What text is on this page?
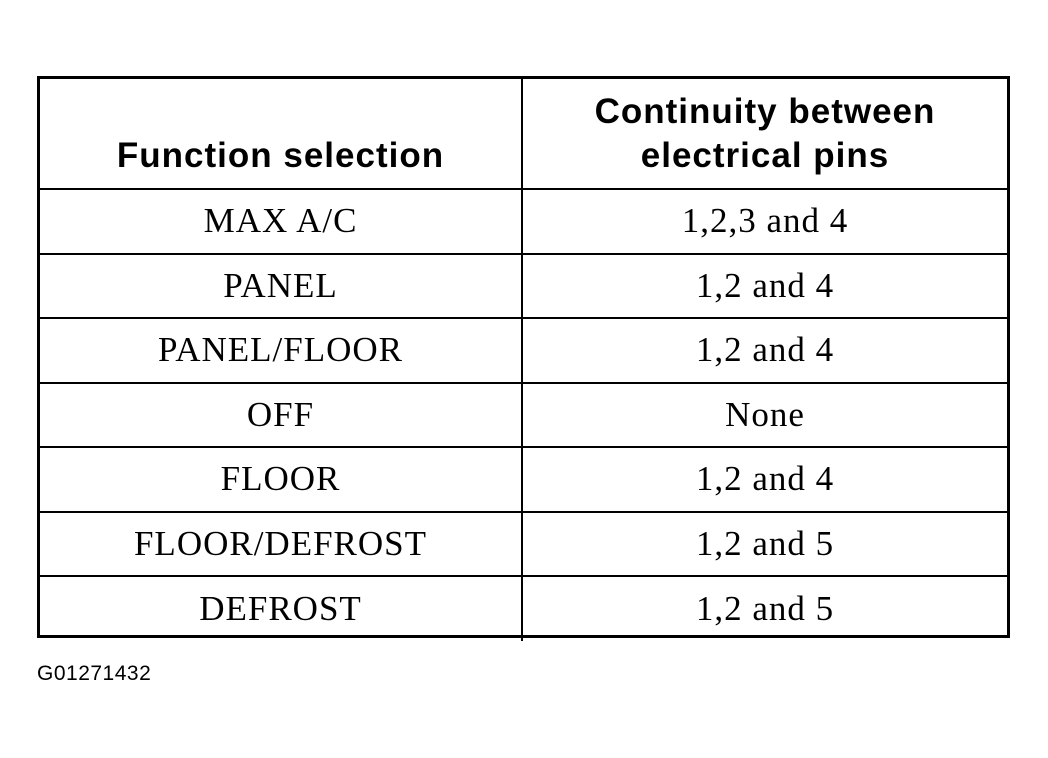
Function selection	Continuity between
electrical pins

MAX A/C	1,2,3 and 4
PANEL	1,2 and 4
PANEL/FLOOR	1,2 and 4
OFF	None
FLOOR	1,2 and 4
FLOOR/DEFROST	1,2 and 5
DEFROST	1,2 and 5
G01271432
